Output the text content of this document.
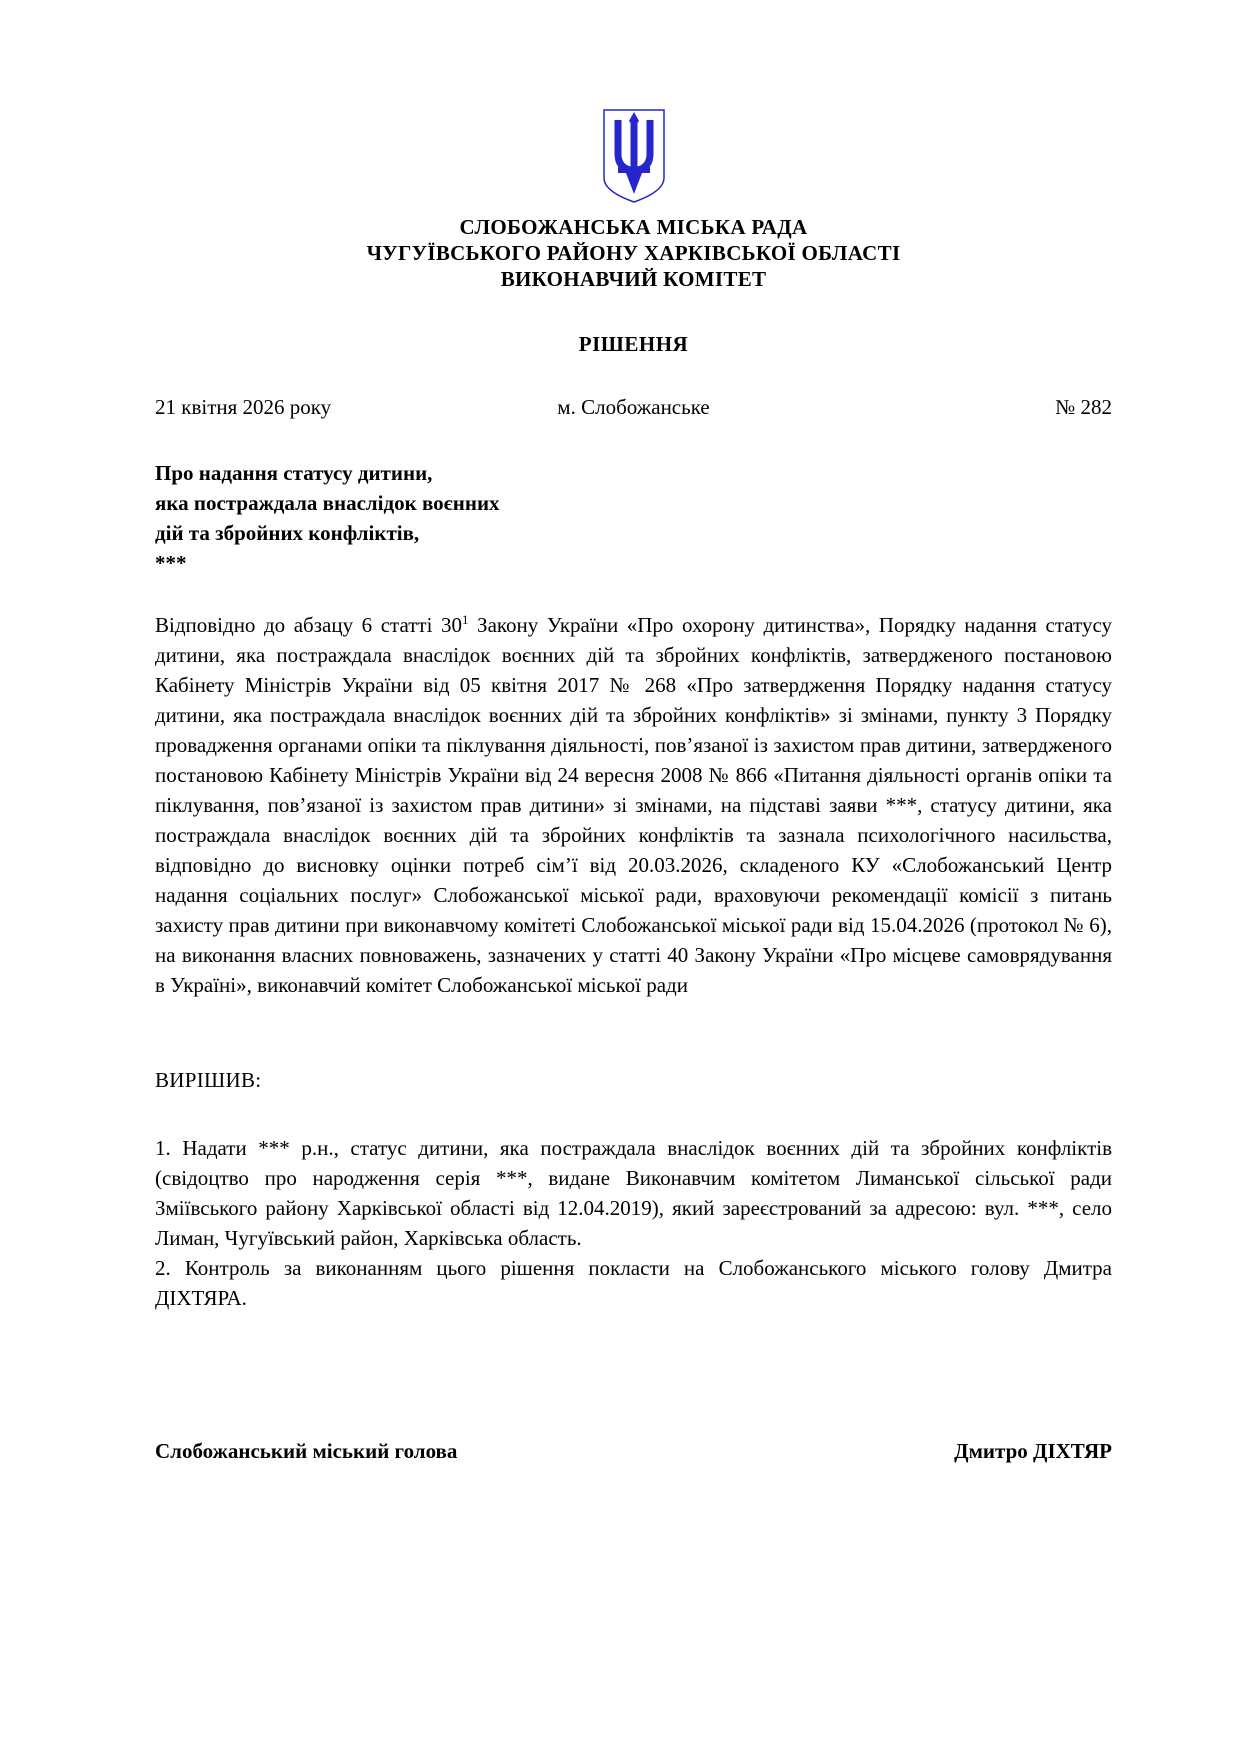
СЛОБОЖАНСЬКА МІСЬКА РАДА
ЧУГУЇВСЬКОГО РАЙОНУ ХАРКІВСЬКОЇ ОБЛАСТІ
ВИКОНАВЧИЙ КОМІТЕТ
РІШЕННЯ
21 квітня 2026 року	м. Слобожанське	№ 282
Про надання статусу дитини,
яка постраждала внаслідок воєнних
дій та збройних конфліктів,
***

Відповідно до абзацу 6 статті $30^1$ Закону України «Про охорону дитинства», Порядку надання статусу дитини, яка постраждала внаслідок воєнних дій та збройних конфліктів, затвердженого постановою Кабінету Міністрів України від 05 квітня 2017 № 268 «Про затвердження Порядку надання статусу дитини, яка постраждала внаслідок воєнних дій та збройних конфліктів» зі змінами, пункту 3 Порядку провадження органами опіки та піклування діяльності, пов’язаної із захистом прав дитини, затвердженого постановою Кабінету Міністрів України від 24 вересня 2008 № 866 «Питання діяльності органів опіки та піклування, пов’язаної із захистом прав дитини» зі змінами, на підставі заяви ***, статусу дитини, яка постраждала внаслідок воєнних дій та збройних конфліктів та зазнала психологічного насильства, відповідно до висновку оцінки потреб сім’ї від 20.03.2026, складеного КУ «Слобожанський Центр надання соціальних послуг» Слобожанської міської ради, враховуючи рекомендації комісії з питань захисту прав дитини при виконавчому комітеті Слобожанської міської ради від 15.04.2026 (протокол № 6), на виконання власних повноважень, зазначених у статті 40 Закону України «Про місцеве самоврядування в Україні», виконавчий комітет Слобожанської міської ради

ВИРІШИВ:

1. Надати *** р.н., статус дитини, яка постраждала внаслідок воєнних дій та збройних конфліктів (свідоцтво про народження серія ***, видане Виконавчим комітетом Лиманської сільської ради Зміївського району Харківської області від 12.04.2019), який зареєстрований за адресою: вул. ***, село Лиман, Чугуївський район, Харківська область.

2. Контроль за виконанням цього рішення покласти на Слобожанського міського голову Дмитра ДІХТЯРА.

Слобожанський міський голова	Дмитро ДІХТЯР
